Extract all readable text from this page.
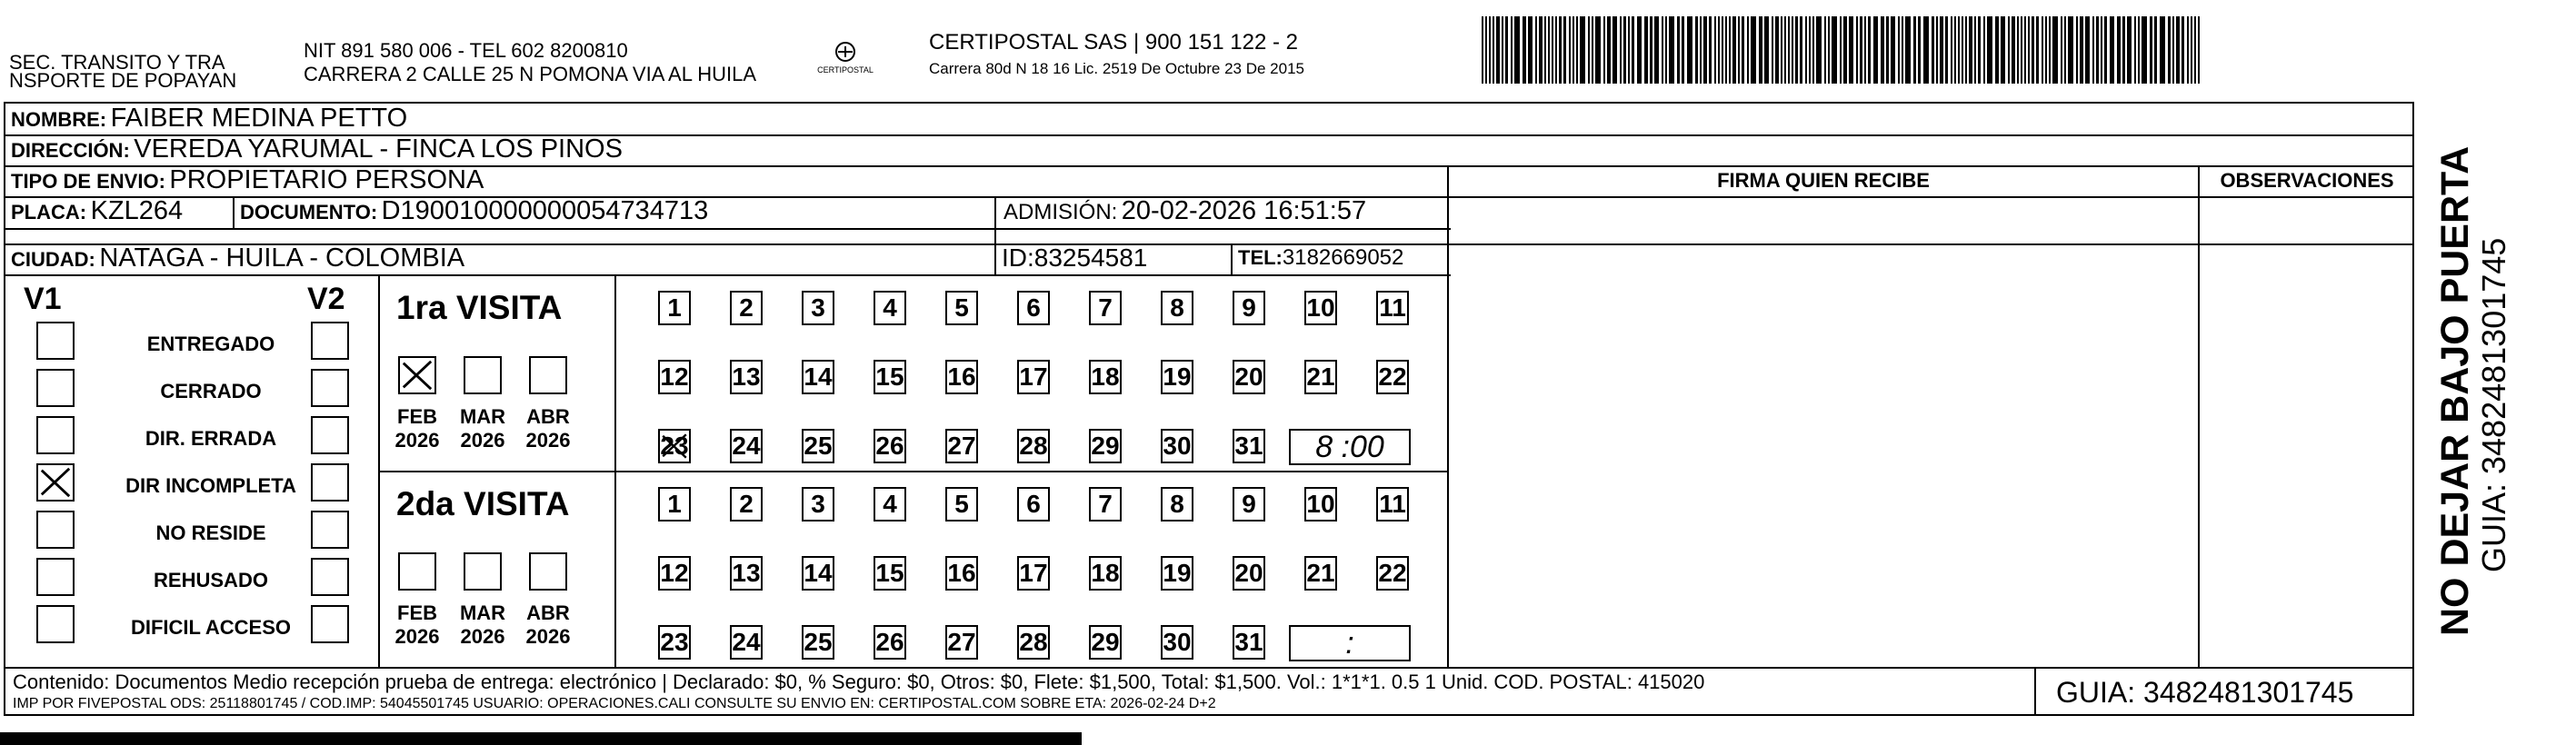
SEC. TRANSITO Y TRA
NSPORTE DE POPAYAN
NIT 891 580 006 - TEL 602 8200810
CARRERA 2 CALLE 25 N POMONA VIA AL HUILA	CERTIPOSTAL
CERTIPOSTAL SAS | 900 151 122 - 2
Carrera 80d N 18 16 Lic. 2519 De Octubre 23 De 2015
NOMBRE: FAIBER MEDINA PETTO
DIRECCIÓN: VEREDA YARUMAL - FINCA LOS PINOS
TIPO DE ENVIO: PROPIETARIO PERSONA
PLACA: KZL264	DOCUMENTO: D190010000000054734713	ADMISIÓN: 20-02-2026 16:51:57
CIUDAD: NATAGA - HUILA - COLOMBIA	ID:83254581	TEL:3182669052
FIRMA QUIEN RECIBE	OBSERVACIONES
V1	V2
ENTREGADO
CERRADO
DIR. ERRADA
DIR INCOMPLETA
NO RESIDE
REHUSADO
DIFICIL ACCESO
1ra VISITA
FEB
2026
MAR
2026
ABR
2026
1	2	3	4	5	6	7	8	9	10 11
12 13 14 15 16 17 18 19 20 21 22
23 24 25 26 27 28 29 30 31	8 :00
2da VISITA
FEB
2026
MAR
2026
ABR
2026
1	2	3	4	5	6	7	8	9	10 11
12 13 14 15 16 17 18 19 20 21 22
23 24 25 26 27 28 29 30 31	:
Contenido: Documentos Medio recepción prueba de entrega: electrónico | Declarado: $0, % Seguro: $0, Otros: $0, Flete: $1,500, Total: $1,500. Vol.: 1*1*1. 0.5 1 Unid. COD. POSTAL: 415020
IMP POR FIVEPOSTAL ODS: 25118801745 / COD.IMP: 54045501745 USUARIO: OPERACIONES.CALI CONSULTE SU ENVIO EN: CERTIPOSTAL.COM SOBRE ETA: 2026-02-24 D+2	GUIA: 3482481301745
NO DEJAR BAJO PUERTA
GUIA: 3482481301745
